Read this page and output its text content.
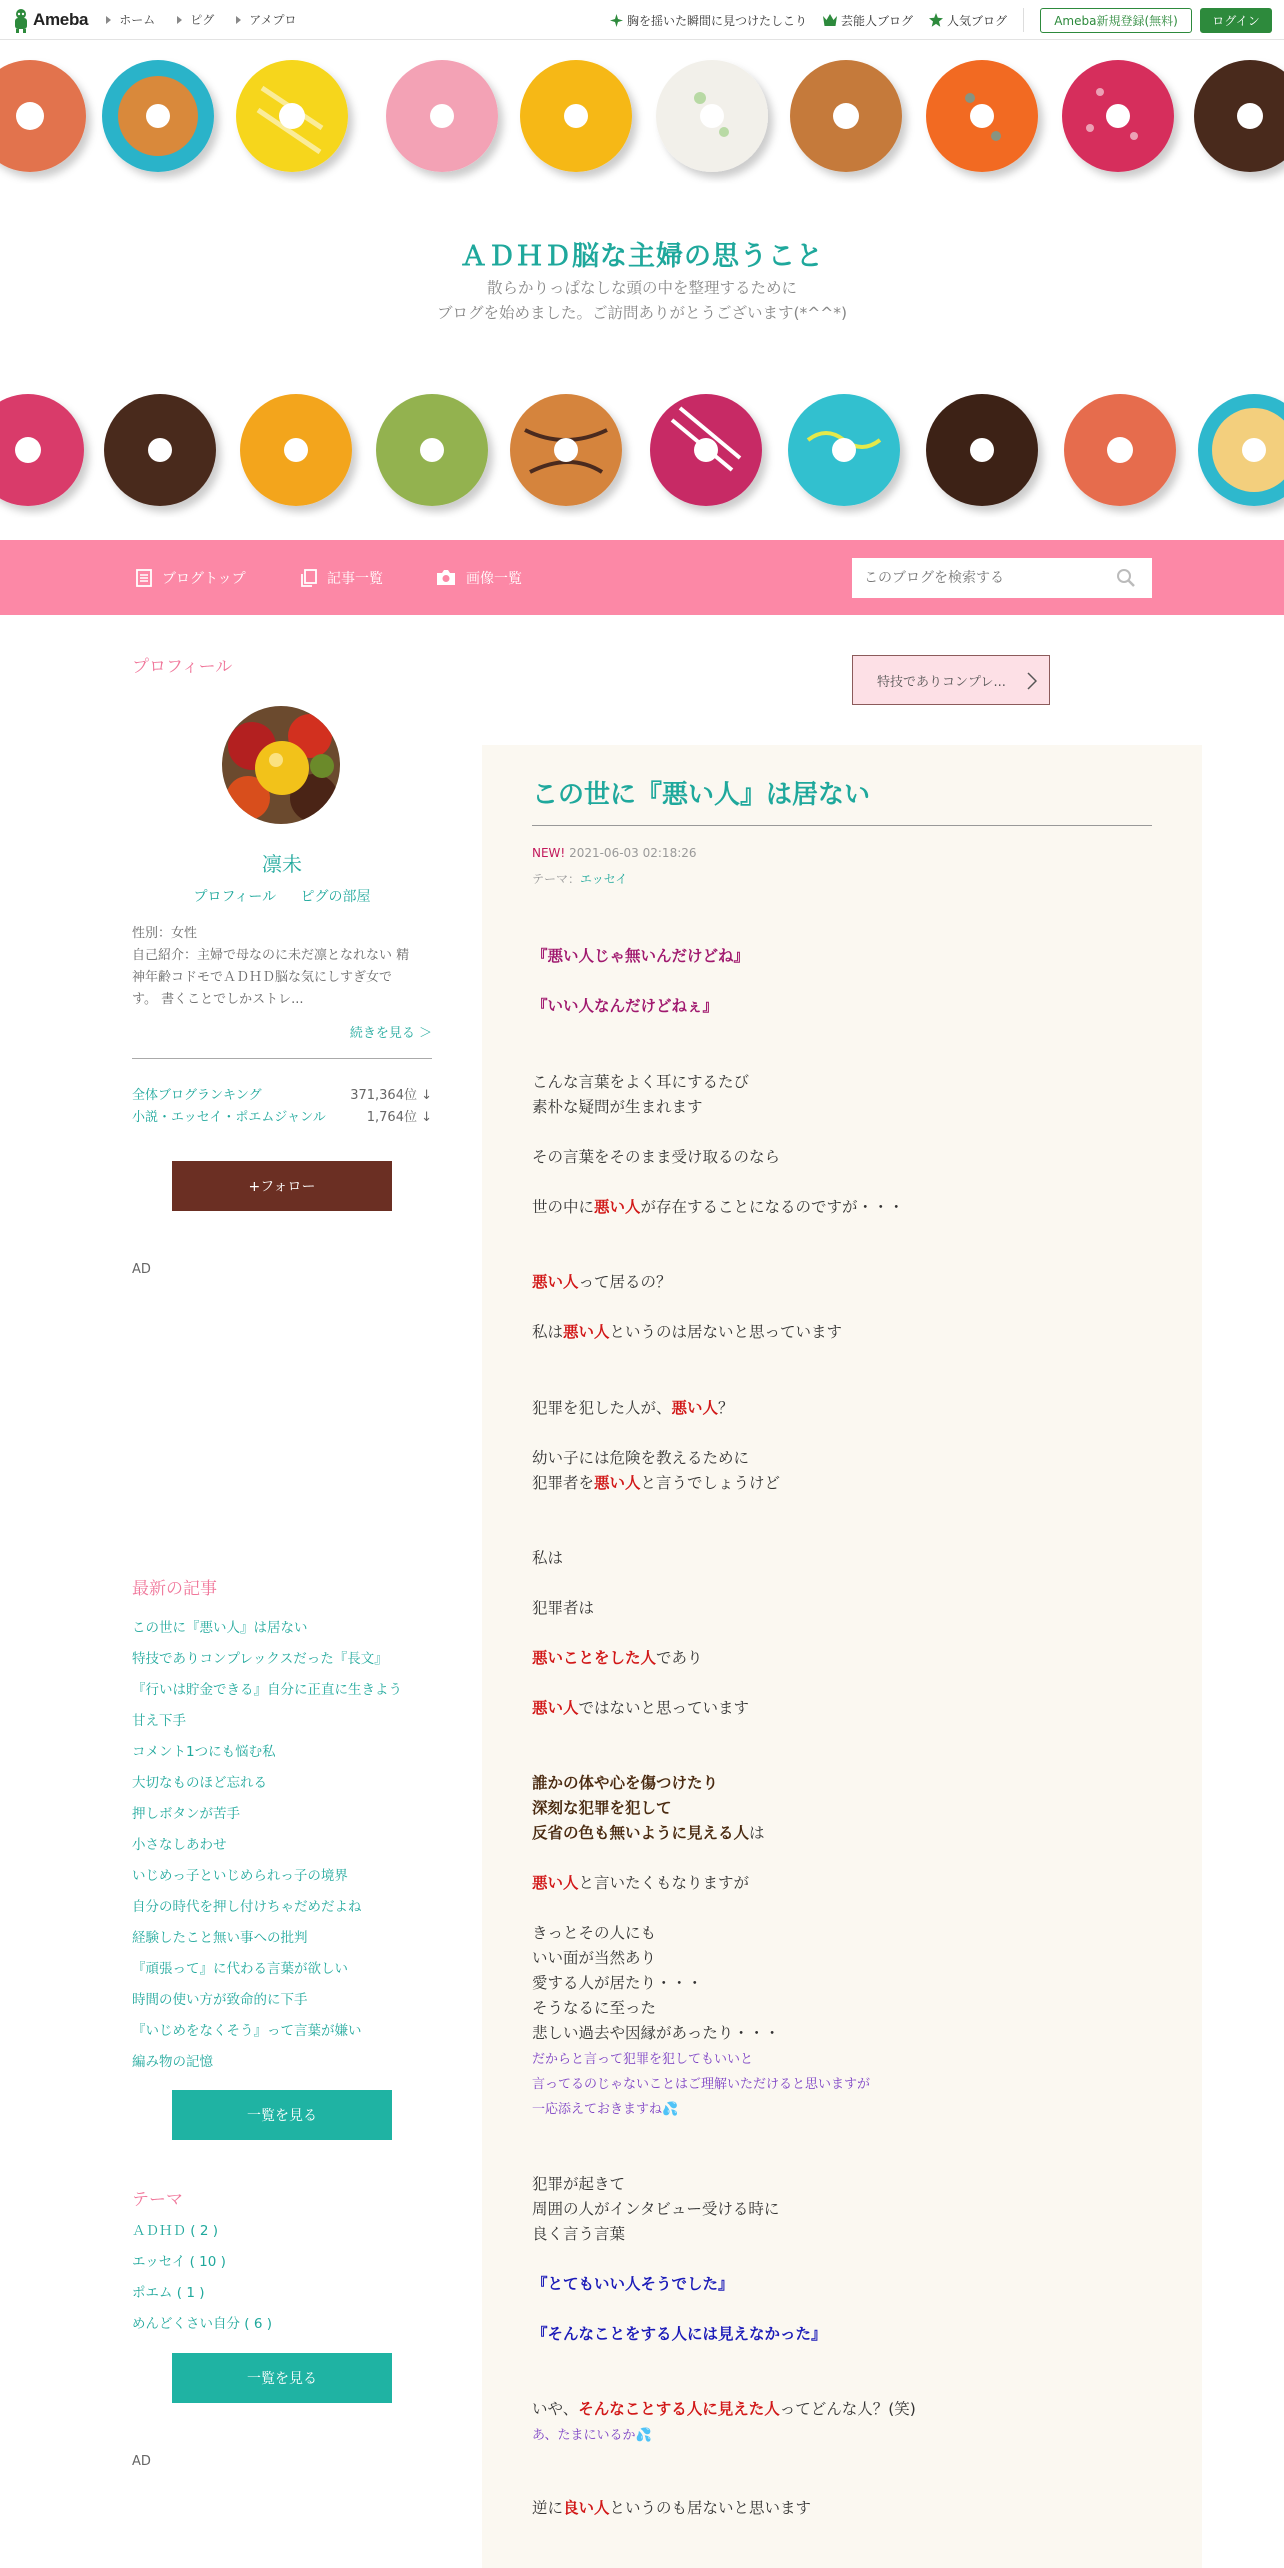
Ameba	ホーム	ピグ	アメプロ	胸を揺いた瞬間に見つけたしこり	芸能人ブログ	人気ブログ	Ameba新規登録(無料)	ログイン
ＡＤＨＤ脳な主婦の思うこと
散らかりっぱなしな頭の中を整理するために
ブログを始めました。ご訪問ありがとうございます(*^^*)
ブログトップ	記事一覧	画像一覧
このブログを検索する
プロフィール
凛未
プロフィール ピグの部屋
性別：女性
自己紹介：主婦で母なのに未だ凛となれない 精
神年齢コドモでＡＤＨＤ脳な気にしすぎ女で
す。 書くことでしかストレ...
続きを見る ＞
全体ブログランキング	371,364位 ↓
小説・エッセイ・ポエムジャンル	1,764位 ↓
+フォロー
AD
最新の記事
この世に『悪い人』は居ない
特技でありコンプレックスだった『長文』
『行いは貯金できる』自分に正直に生きよう
甘え下手
コメント1つにも悩む私
大切なものほど忘れる
押しボタンが苦手
小さなしあわせ
いじめっ子といじめられっ子の境界
自分の時代を押し付けちゃだめだよね
経験したこと無い事への批判
『頑張って』に代わる言葉が欲しい
時間の使い方が致命的に下手
『いじめをなくそう』って言葉が嫌い
編み物の記憶
一覧を見る
テーマ
ＡＤＨＤ ( 2 )
エッセイ ( 10 )
ポエム ( 1 )
めんどくさい自分 ( 6 )
一覧を見る
AD
特技でありコンプレ...
この世に『悪い人』は居ない
NEW! 2021-06-03 02:18:26
テーマ：エッセイ
『悪い人じゃ無いんだけどね』
『いい人なんだけどねぇ』
こんな言葉をよく耳にするたび
素朴な疑問が生まれます
その言葉をそのまま受け取るのなら
世の中に悪い人が存在することになるのですが・・・
悪い人って居るの？
私は悪い人というのは居ないと思っています
犯罪を犯した人が、悪い人？
幼い子には危険を教えるために
犯罪者を悪い人と言うでしょうけど
私は
犯罪者は
悪いことをした人であり
悪い人ではないと思っています
誰かの体や心を傷つけたり
深刻な犯罪を犯して
反省の色も無いように見える人は
悪い人と言いたくもなりますが
きっとその人にも
いい面が当然あり
愛する人が居たり・・・
そうなるに至った
悲しい過去や因縁があったり・・・
だからと言って犯罪を犯してもいいと
言ってるのじゃないことはご理解いただけると思いますが
一応添えておきますね💦
犯罪が起きて
周囲の人がインタビュー受ける時に
良く言う言葉
『とてもいい人そうでした』
『そんなことをする人には見えなかった』
いや、そんなことする人に見えた人ってどんな人？(笑)
あ、たまにいるか💦
逆に良い人というのも居ないと思います
